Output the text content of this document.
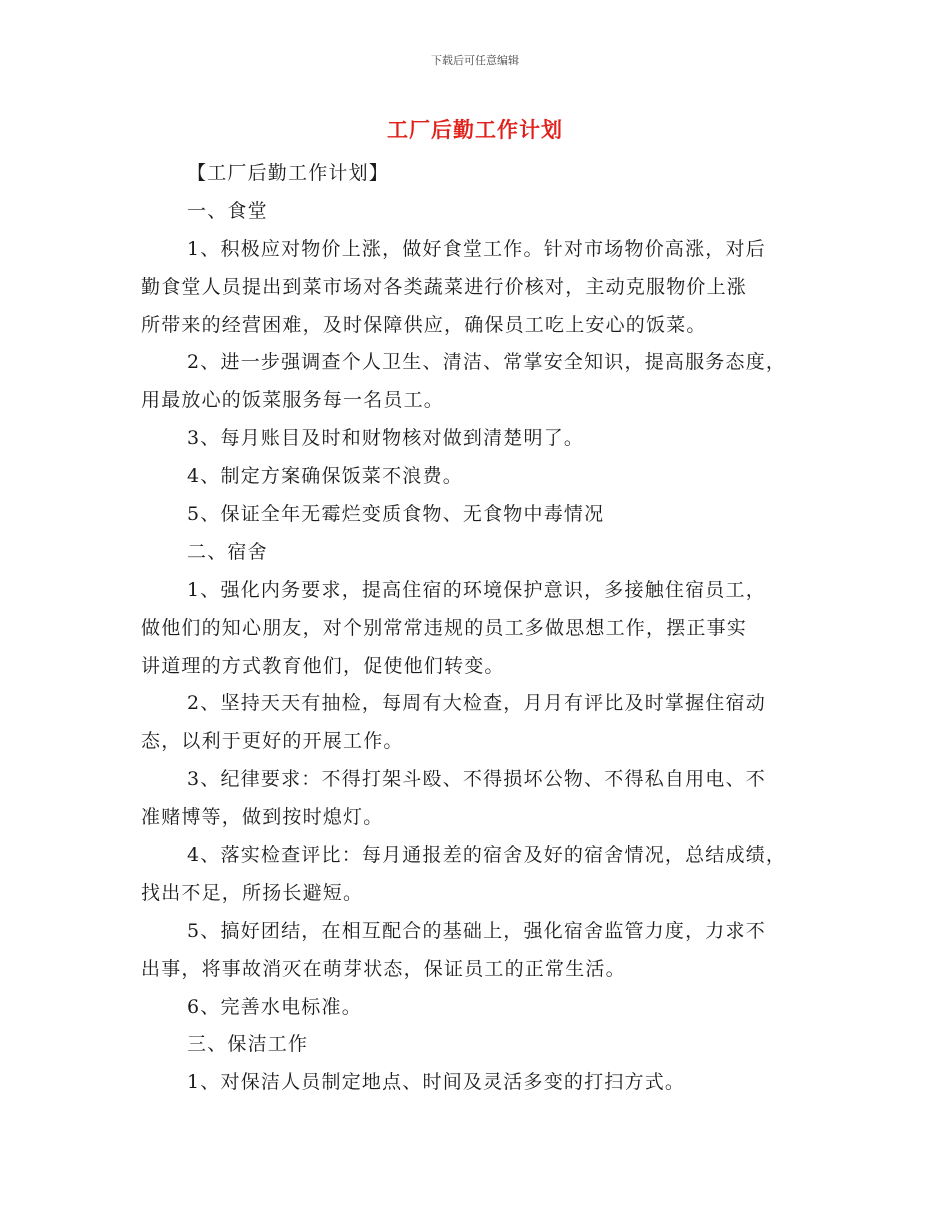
下载后可任意编辑
工厂后勤工作计划
【工厂后勤工作计划】
一、食堂
1、积极应对物价上涨，做好食堂工作。针对市场物价高涨，对后
勤食堂人员提出到菜市场对各类蔬菜进行价核对，主动克服物价上涨
所带来的经营困难，及时保障供应，确保员工吃上安心的饭菜。
2、进一步强调查个人卫生、清洁、常掌安全知识，提高服务态度，
用最放心的饭菜服务每一名员工。
3、每月账目及时和财物核对做到清楚明了。
4、制定方案确保饭菜不浪费。
5、保证全年无霉烂变质食物、无食物中毒情况
二、宿舍
1、强化内务要求，提高住宿的环境保护意识，多接触住宿员工，
做他们的知心朋友，对个别常常违规的员工多做思想工作，摆正事实
讲道理的方式教育他们，促使他们转变。
2、坚持天天有抽检，每周有大检查，月月有评比及时掌握住宿动
态，以利于更好的开展工作。
3、纪律要求：不得打架斗殴、不得损坏公物、不得私自用电、不
准赌博等，做到按时熄灯。
4、落实检查评比：每月通报差的宿舍及好的宿舍情况，总结成绩，
找出不足，所扬长避短。
5、搞好团结，在相互配合的基础上，强化宿舍监管力度，力求不
出事，将事故消灭在萌芽状态，保证员工的正常生活。
6、完善水电标准。
三、保洁工作
1、对保洁人员制定地点、时间及灵活多变的打扫方式。
